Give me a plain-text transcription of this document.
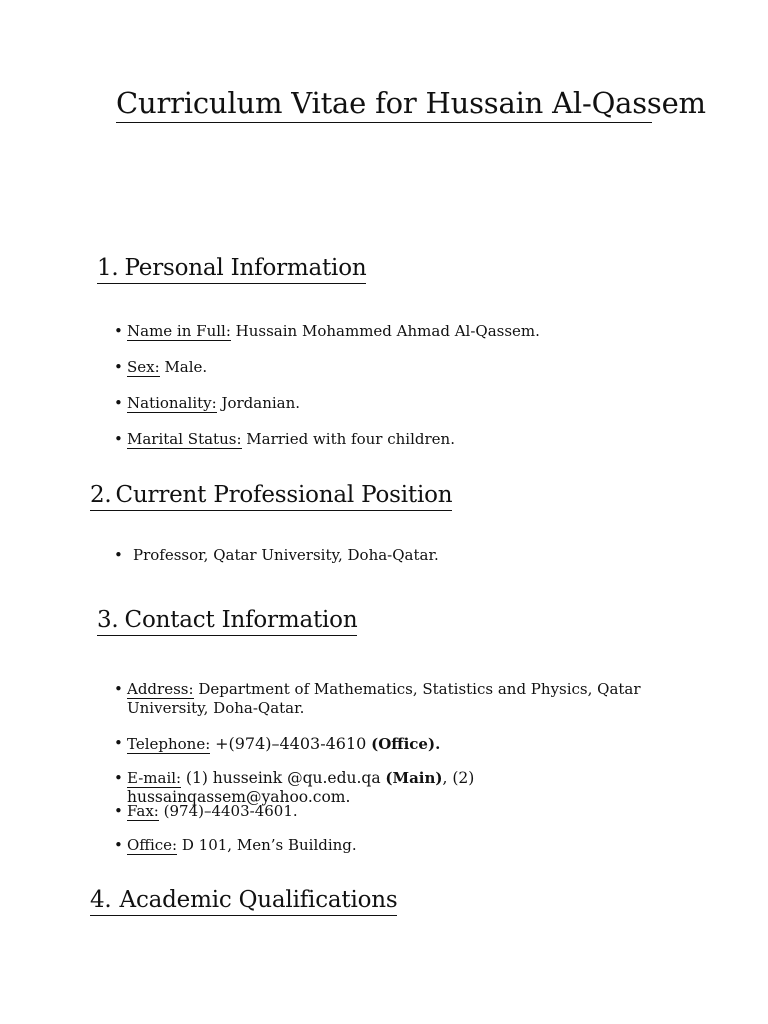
Curriculum Vitae for Hussain Al-Qassem
1. Personal Information
• Name in Full: Hussain Mohammed Ahmad Al-Qassem.
• Sex: Male.
• Nationality: Jordanian.
• Marital Status: Married with four children.
2. Current Professional Position
• Professor, Qatar University, Doha-Qatar.
3. Contact Information
• Address: Department of Mathematics, Statistics and Physics, Qatar University, Doha-Qatar.
• Telephone: +(974)–4403-4610 (Office).
• E-mail: (1) husseink @qu.edu.qa (Main), (2) hussainqassem@yahoo.com.
• Fax: (974)–4403-4601.
• Office: D 101, Men’s Building.
4. Academic Qualifications
